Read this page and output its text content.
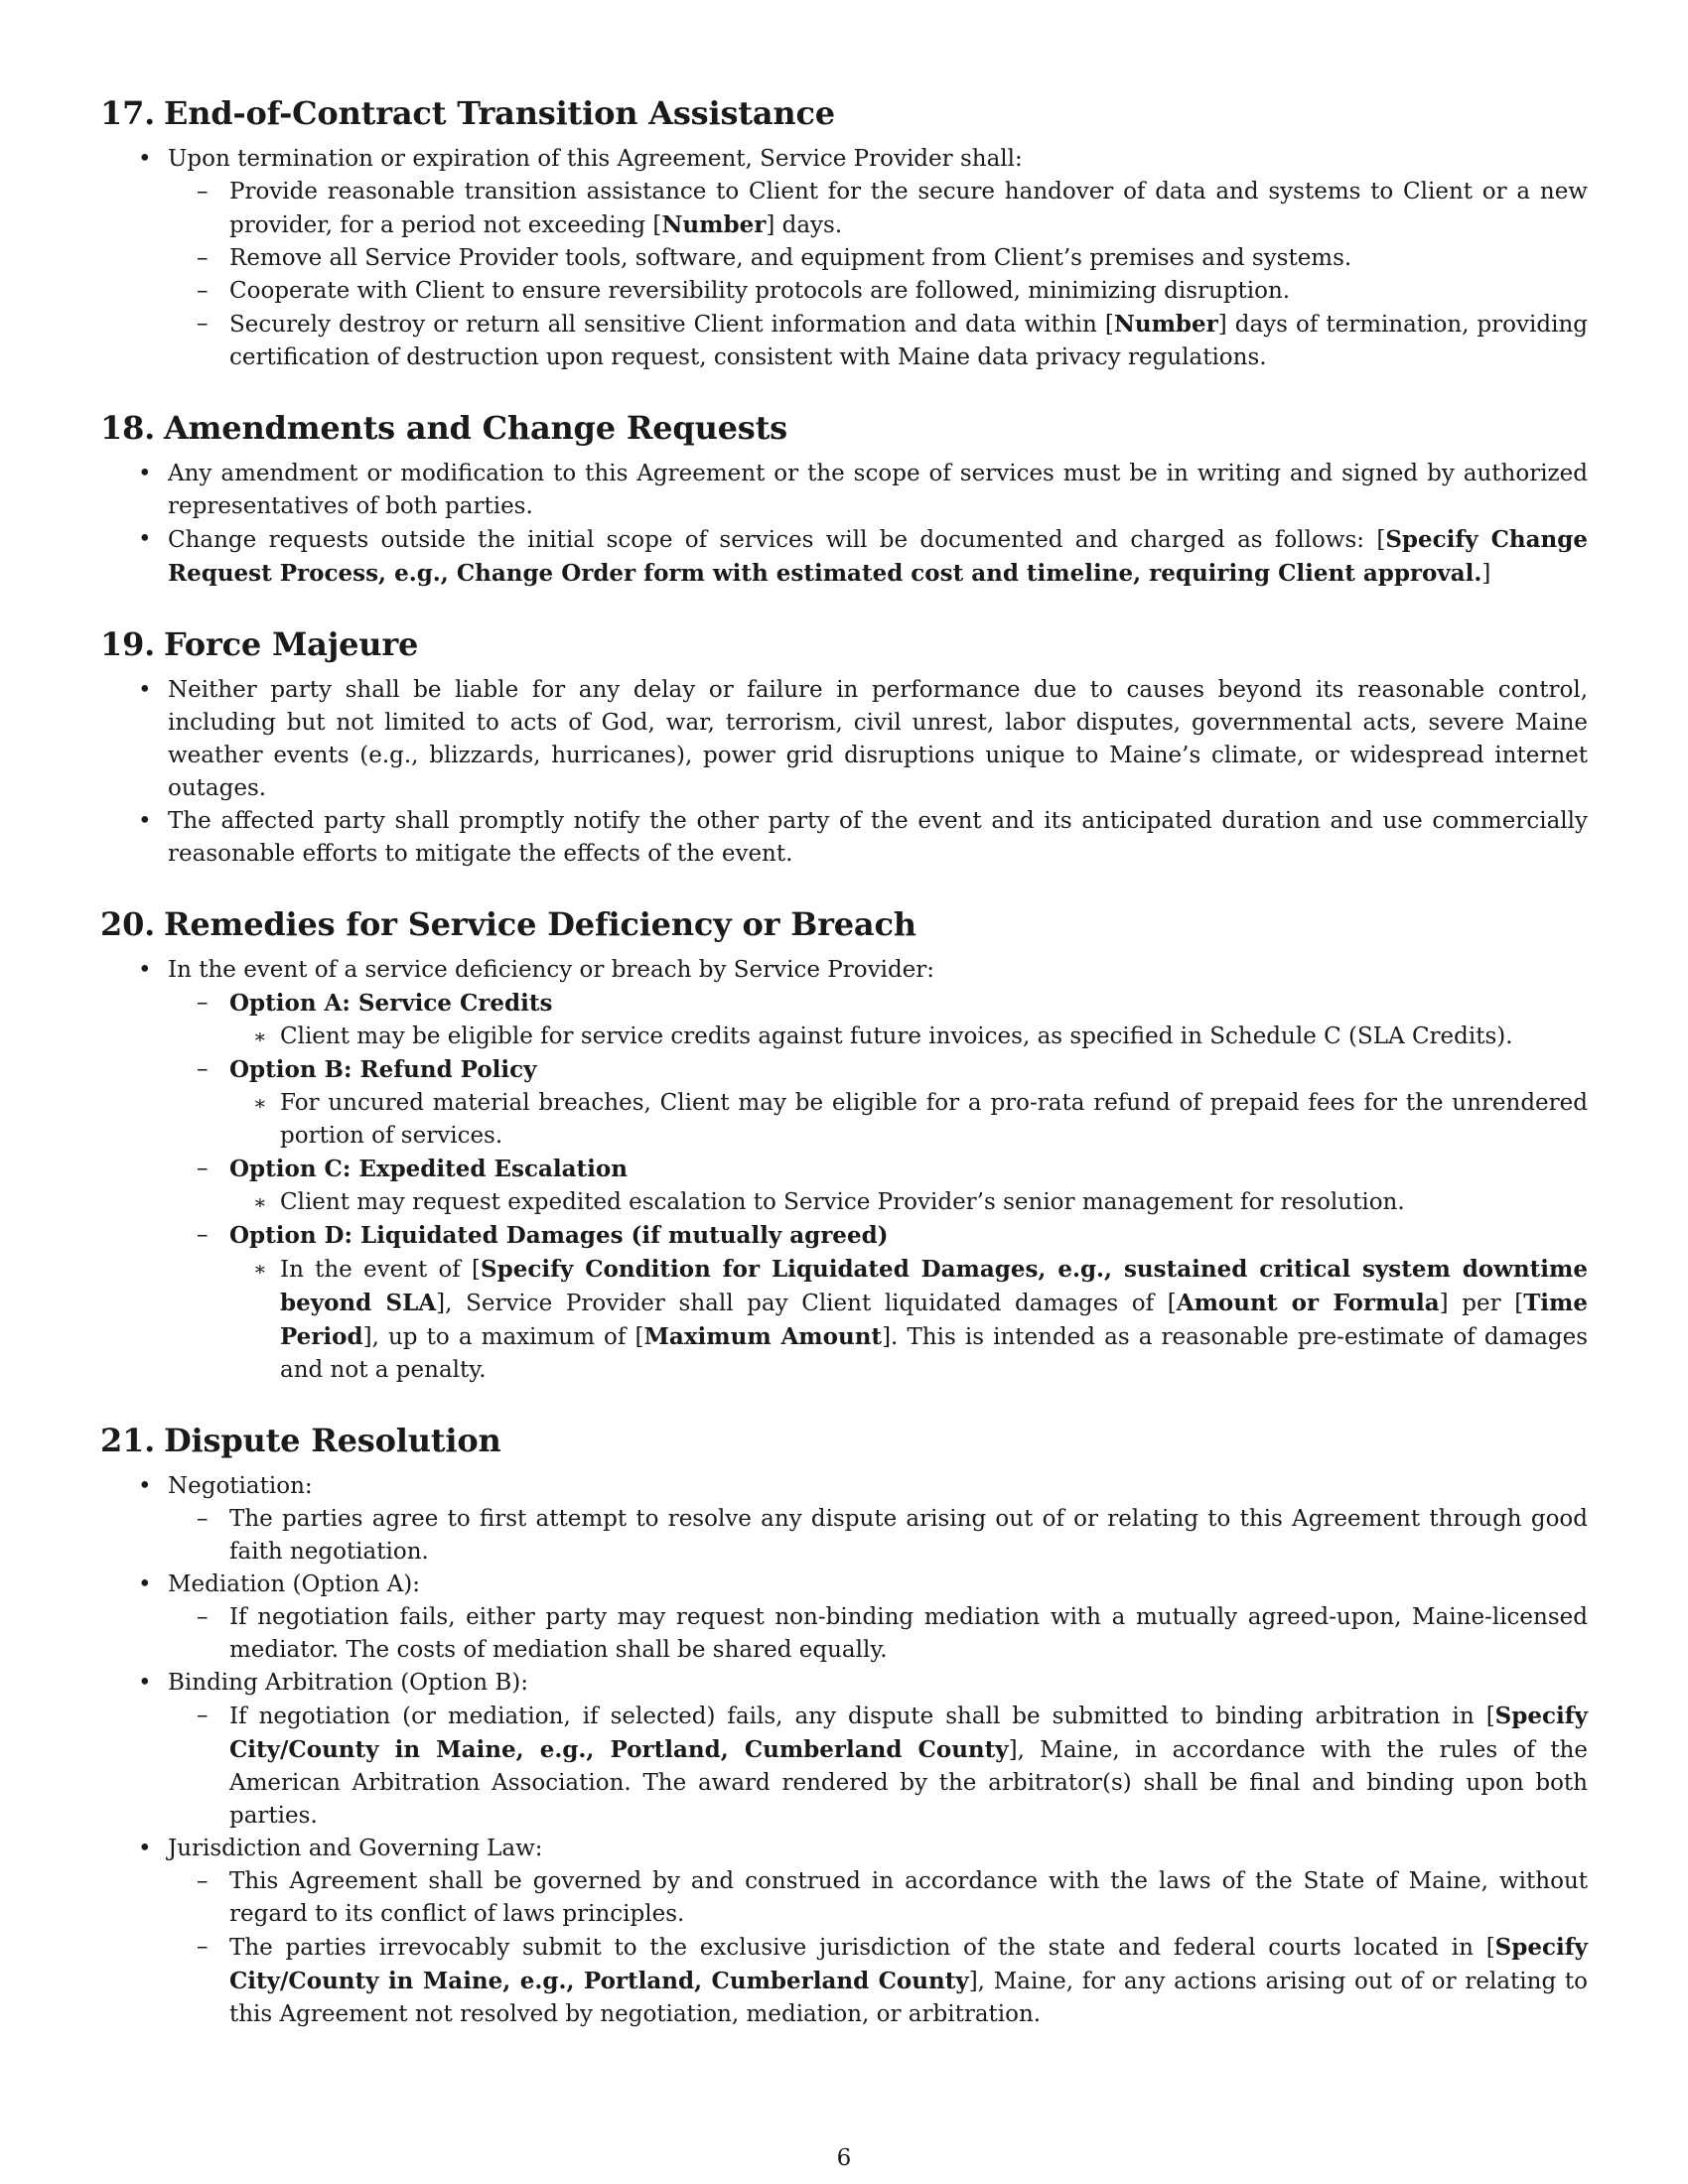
17. End-of-Contract Transition Assistance
• Upon termination or expiration of this Agreement, Service Provider shall:
– Provide reasonable transition assistance to Client for the secure handover of data and systems to Client or a new provider, for a period not exceeding [Number] days.
– Remove all Service Provider tools, software, and equipment from Client’s premises and systems.
– Cooperate with Client to ensure reversibility protocols are followed, minimizing disruption.
– Securely destroy or return all sensitive Client information and data within [Number] days of termination, providing certification of destruction upon request, consistent with Maine data privacy regulations.
18. Amendments and Change Requests
• Any amendment or modification to this Agreement or the scope of services must be in writing and signed by authorized representatives of both parties.
• Change requests outside the initial scope of services will be documented and charged as follows: [Specify Change Request Process, e.g., Change Order form with estimated cost and timeline, requiring Client approval.]
19. Force Majeure
• Neither party shall be liable for any delay or failure in performance due to causes beyond its reasonable control, including but not limited to acts of God, war, terrorism, civil unrest, labor disputes, governmental acts, severe Maine weather events (e.g., blizzards, hurricanes), power grid disruptions unique to Maine’s climate, or widespread internet outages.
• The affected party shall promptly notify the other party of the event and its anticipated duration and use commercially reasonable efforts to mitigate the effects of the event.
20. Remedies for Service Deficiency or Breach
• In the event of a service deficiency or breach by Service Provider:
– Option A: Service Credits
∗ Client may be eligible for service credits against future invoices, as specified in Schedule C (SLA Credits).
– Option B: Refund Policy
∗ For uncured material breaches, Client may be eligible for a pro-rata refund of prepaid fees for the unrendered portion of services.
– Option C: Expedited Escalation
∗ Client may request expedited escalation to Service Provider’s senior management for resolution.
– Option D: Liquidated Damages (if mutually agreed)
∗ In the event of [Specify Condition for Liquidated Damages, e.g., sustained critical system downtime beyond SLA], Service Provider shall pay Client liquidated damages of [Amount or Formula] per [Time Period], up to a maximum of [Maximum Amount]. This is intended as a reasonable pre-estimate of damages and not a penalty.
21. Dispute Resolution
• Negotiation:
– The parties agree to first attempt to resolve any dispute arising out of or relating to this Agreement through good faith negotiation.
• Mediation (Option A):
– If negotiation fails, either party may request non-binding mediation with a mutually agreed-upon, Maine-licensed mediator. The costs of mediation shall be shared equally.
• Binding Arbitration (Option B):
– If negotiation (or mediation, if selected) fails, any dispute shall be submitted to binding arbitration in [Specify City/County in Maine, e.g., Portland, Cumberland County], Maine, in accordance with the rules of the American Arbitration Association. The award rendered by the arbitrator(s) shall be final and binding upon both parties.
• Jurisdiction and Governing Law:
– This Agreement shall be governed by and construed in accordance with the laws of the State of Maine, without regard to its conflict of laws principles.
– The parties irrevocably submit to the exclusive jurisdiction of the state and federal courts located in [Specify City/County in Maine, e.g., Portland, Cumberland County], Maine, for any actions arising out of or relating to this Agreement not resolved by negotiation, mediation, or arbitration.
6
